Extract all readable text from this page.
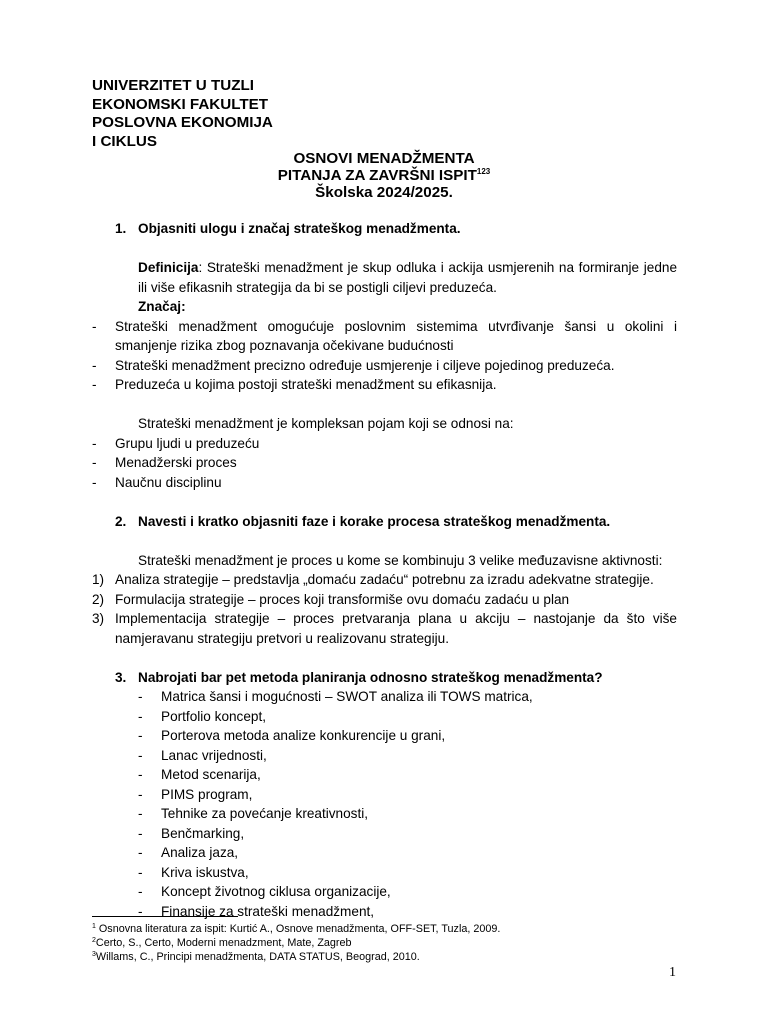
UNIVERZITET U TUZLI
EKONOMSKI FAKULTET
POSLOVNA EKONOMIJA
I CIKLUS
OSNOVI MENADŽMENTA
PITANJA ZA ZAVRŠNI ISPIT$^{123}$
Školska 2024/2025.
1. Objasniti ulogu i značaj strateškog menadžmenta.
Definicija: Strateški menadžment je skup odluka i ackija usmjerenih na formiranje jedne ili više efikasnih strategija da bi se postigli ciljevi preduzeća.
Značaj:
-	Strateški menadžment omogućuje poslovnim sistemima utvrđivanje šansi u okolini i smanjenje rizika zbog poznavanja očekivane budućnosti
-	Strateški menadžment precizno određuje usmjerenje i ciljeve pojedinog preduzeća.
-	Preduzeća u kojima postoji strateški menadžment su efikasnija.
Strateški menadžment je kompleksan pojam koji se odnosi na:
-	Grupu ljudi u preduzeću
-	Menadžerski proces
-	Naučnu disciplinu
2. Navesti i kratko objasniti faze i korake procesa strateškog menadžmenta.
Strateški menadžment je proces u kome se kombinuju 3 velike međuzavisne aktivnosti:
1) Analiza strategije – predstavlja „domaću zadaću“ potrebnu za izradu adekvatne strategije.
2) Formulacija strategije – proces koji transformiše ovu domaću zadaću u plan
3) Implementacija strategije – proces pretvaranja plana u akciju – nastojanje da što više namjeravanu strategiju pretvori u realizovanu strategiju.
3. Nabrojati bar pet metoda planiranja odnosno strateškog menadžmenta?
-	Matrica šansi i mogućnosti – SWOT analiza ili TOWS matrica,
-	Portfolio koncept,
-	Porterova metoda analize konkurencije u grani,
-	Lanac vrijednosti,
-	Metod scenarija,
-	PIMS program,
-	Tehnike za povećanje kreativnosti,
-	Benčmarking,
-	Analiza jaza,
-	Kriva iskustva,
-	Koncept životnog ciklusa organizacije,
-	Finansije za strateški menadžment,
$^1$ Osnovna literatura za ispit: Kurtić A., Osnove menadžmenta, OFF-SET, Tuzla, 2009.
$^2$Certo, S., Certo, Moderni menadzment, Mate, Zagreb
$^3$Willams, C., Principi menadžmenta, DATA STATUS, Beograd, 2010.
1
